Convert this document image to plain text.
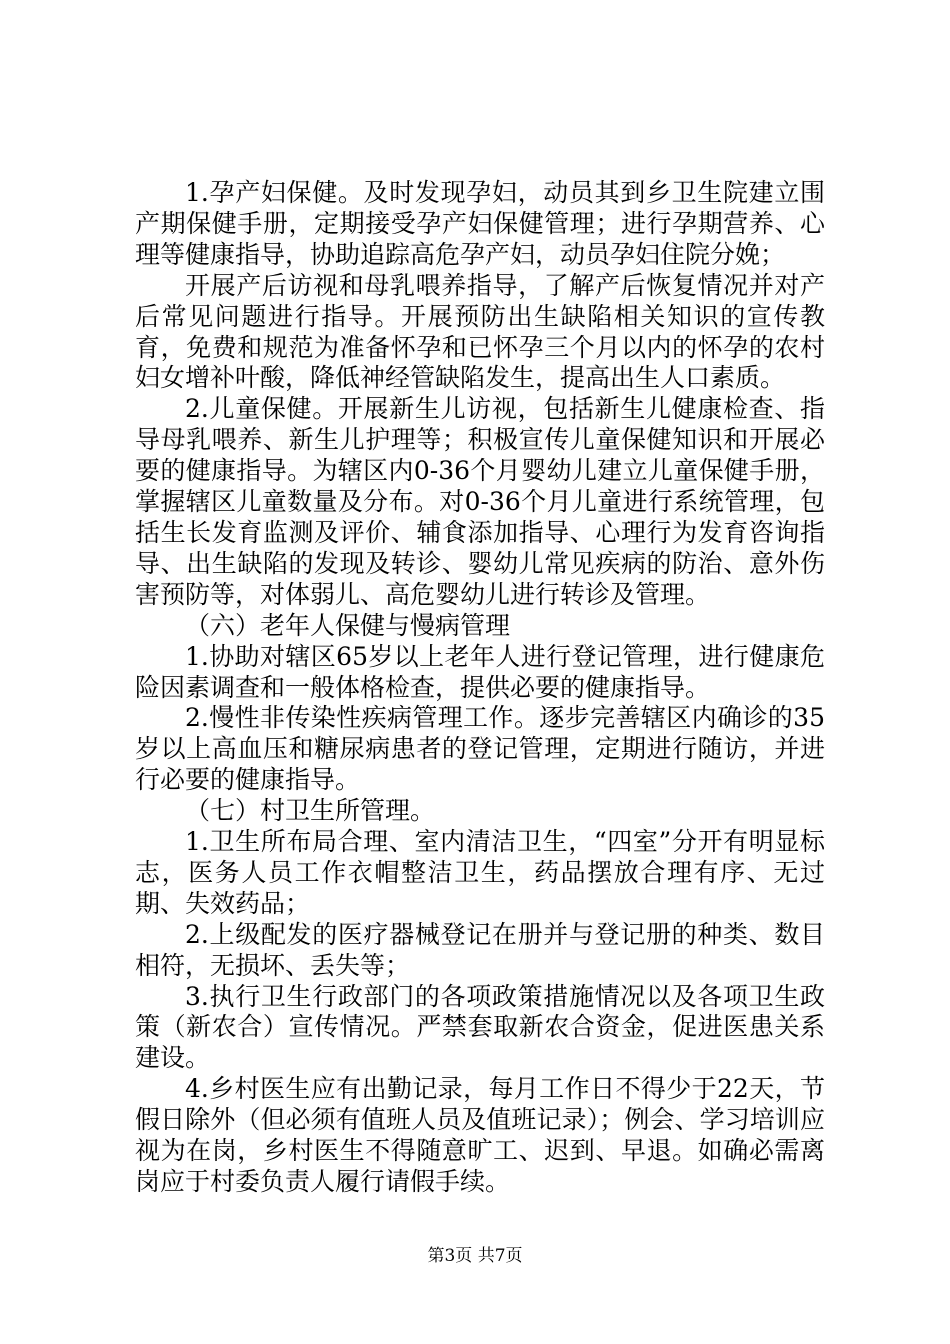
1.孕产妇保健。及时发现孕妇，动员其到乡卫生院建立围产期保健手册，定期接受孕产妇保健管理；进行孕期营养、心理等健康指导，协助追踪高危孕产妇，动员孕妇住院分娩；

开展产后访视和母乳喂养指导，了解产后恢复情况并对产后常见问题进行指导。开展预防出生缺陷相关知识的宣传教育，免费和规范为准备怀孕和已怀孕三个月以内的怀孕的农村妇女增补叶酸，降低神经管缺陷发生，提高出生人口素质。

2.儿童保健。开展新生儿访视，包括新生儿健康检查、指导母乳喂养、新生儿护理等；积极宣传儿童保健知识和开展必要的健康指导。为辖区内0-36个月婴幼儿建立儿童保健手册，掌握辖区儿童数量及分布。对0-36个月儿童进行系统管理，包括生长发育监测及评价、辅食添加指导、心理行为发育咨询指导、出生缺陷的发现及转诊、婴幼儿常见疾病的防治、意外伤害预防等，对体弱儿、高危婴幼儿进行转诊及管理。

（六）老年人保健与慢病管理

1.协助对辖区65岁以上老年人进行登记管理，进行健康危险因素调查和一般体格检查，提供必要的健康指导。

2.慢性非传染性疾病管理工作。逐步完善辖区内确诊的35岁以上高血压和糖尿病患者的登记管理，定期进行随访，并进行必要的健康指导。

（七）村卫生所管理。

1.卫生所布局合理、室内清洁卫生，“四室”分开有明显标志，医务人员工作衣帽整洁卫生，药品摆放合理有序、无过期、失效药品；

2.上级配发的医疗器械登记在册并与登记册的种类、数目相符，无损坏、丢失等；

3.执行卫生行政部门的各项政策措施情况以及各项卫生政策（新农合）宣传情况。严禁套取新农合资金，促进医患关系建设。

4.乡村医生应有出勤记录，每月工作日不得少于22天，节假日除外（但必须有值班人员及值班记录）；例会、学习培训应视为在岗，乡村医生不得随意旷工、迟到、早退。如确必需离岗应于村委负责人履行请假手续。

第3页 共7页
